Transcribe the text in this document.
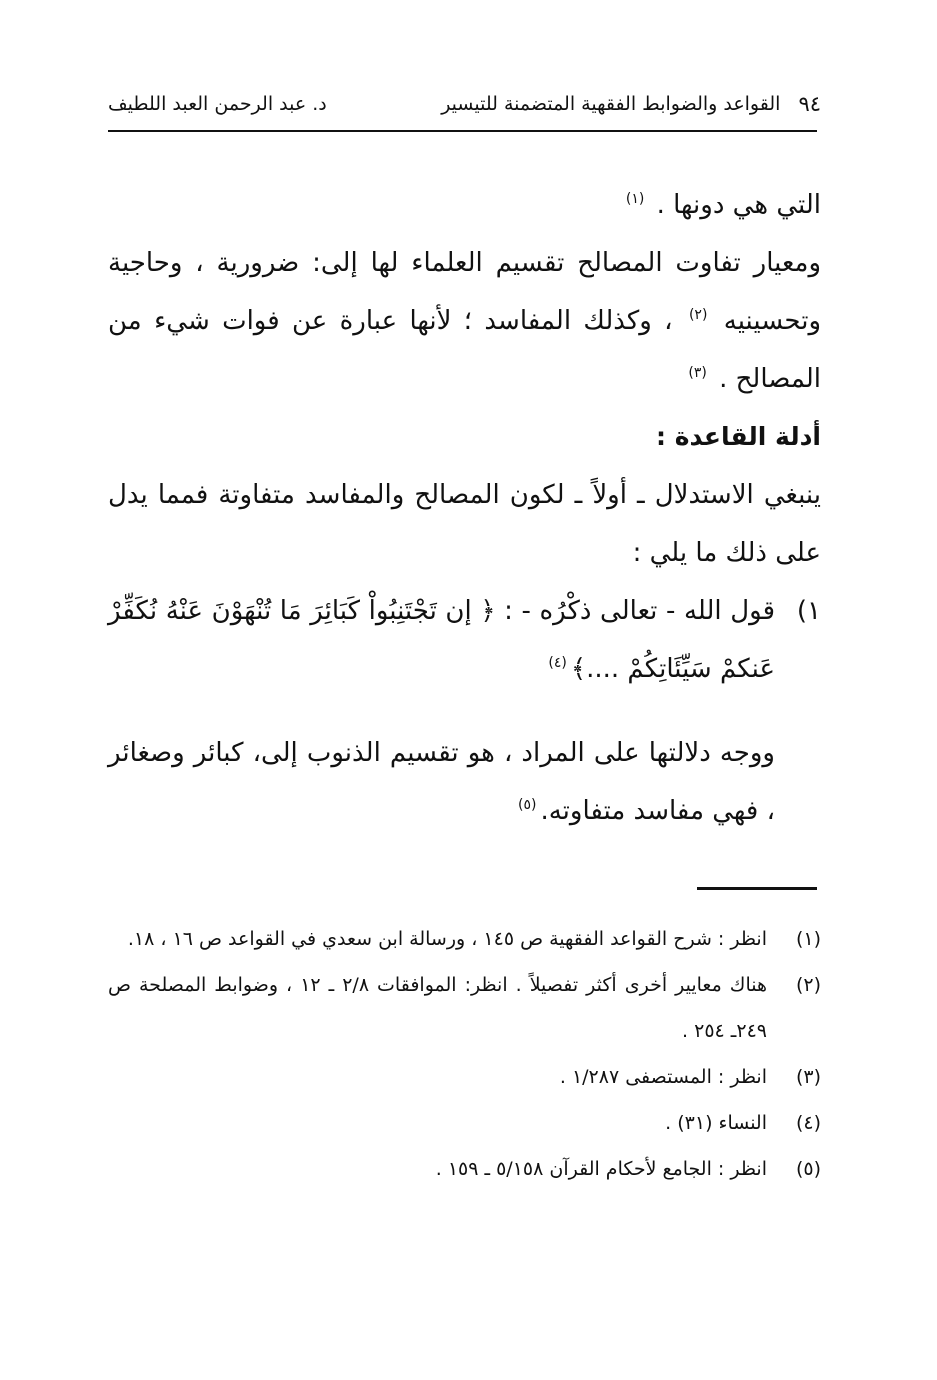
د. عبد الرحمن العبد اللطيف	القواعد والضوابط الفقهية المتضمنة للتيسير ٩٤

التي هي دونها . $^{(١)}$

ومعيار تفاوت المصالح تقسيم العلماء لها إلى: ضرورية ، وحاجية وتحسينيه $^{(٢)}$ ، وكذلك المفاسد ؛ لأنها عبارة عن فوات شيء من المصالح . $^{(٣)}$

أدلة القاعدة :

ينبغي الاستدلال ـ أولاً ـ لكون المصالح والمفاسد متفاوتة فمما يدل على ذلك ما يلي :

١)
قول الله - تعالى ذكْرُه - : ﴿ إن تَجْتَنِبُواْ كَبَائِرَ مَا تُنْهَوْنَ عَنْهُ نُكَفِّرْ عَنكمْ سَيِّئَاتِكُمْ ....﴾$^{(٤)}$

ووجه دلالتها على المراد ، هو تقسيم الذنوب إلى، كبائر وصغائر ، فهي مفاسد متفاوته.$^{(٥)}$

(١)
انظر : شرح القواعد الفقهية ص ١٤٥ ، ورسالة ابن سعدي في القواعد ص ١٦ ، ١٨.
(٢)
هناك معايير أخرى أكثر تفصيلاً . انظر: الموافقات ٢/٨ ـ ١٢ ، وضوابط المصلحة ص ٢٤٩ـ ٢٥٤ .
(٣)
انظر : المستصفى ١/٢٨٧ .
(٤)
النساء (٣١) .
(٥)
انظر : الجامع لأحكام القرآن ٥/١٥٨ ـ ١٥٩ .
